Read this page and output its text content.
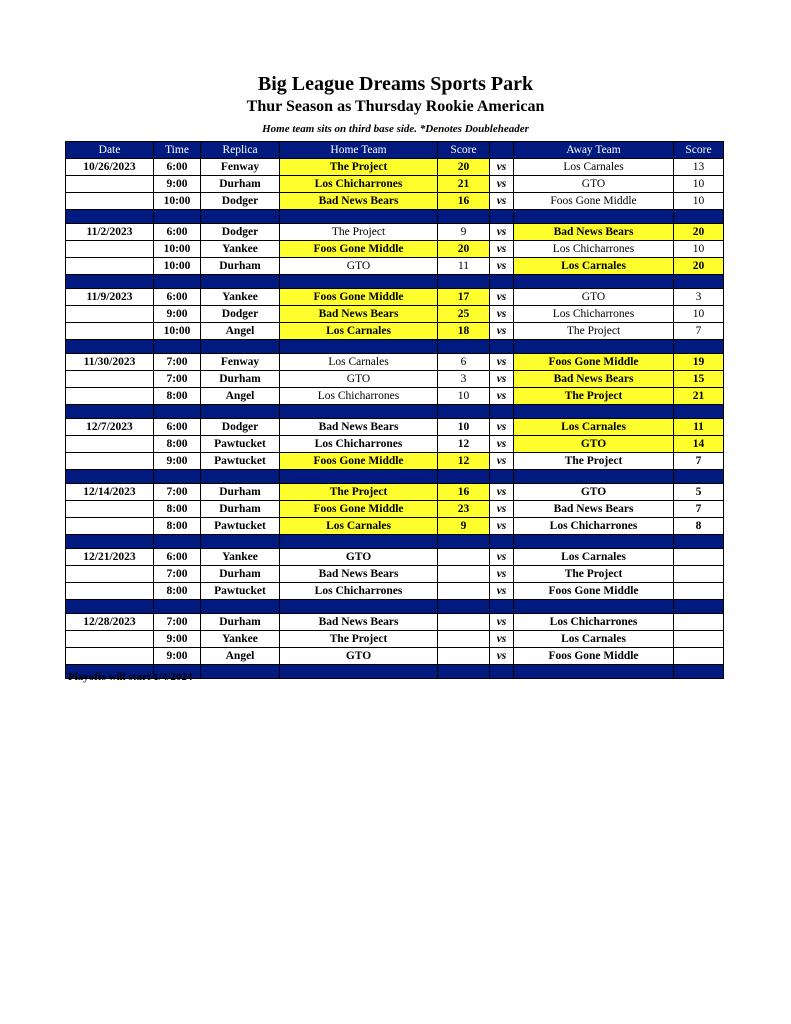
Big League Dreams Sports Park
Thur Season as Thursday Rookie American
Home team sits on third base side. *Denotes Doubleheader
Date	Time	Replica	Home Team	Score		Away Team	Score
10/26/2023	6:00	Fenway	The Project	20	vs	Los Carnales	13
	9:00	Durham	Los Chicharrones	21	vs	GTO	10
	10:00	Dodger	Bad News Bears	16	vs	Foos Gone Middle	10

11/2/2023	6:00	Dodger	The Project	9	vs	Bad News Bears	20
	10:00	Yankee	Foos Gone Middle	20	vs	Los Chicharrones	10
	10:00	Durham	GTO	11	vs	Los Carnales	20

11/9/2023	6:00	Yankee	Foos Gone Middle	17	vs	GTO	3
	9:00	Dodger	Bad News Bears	25	vs	Los Chicharrones	10
	10:00	Angel	Los Carnales	18	vs	The Project	7

11/30/2023	7:00	Fenway	Los Carnales	6	vs	Foos Gone Middle	19
	7:00	Durham	GTO	3	vs	Bad News Bears	15
	8:00	Angel	Los Chicharrones	10	vs	The Project	21

12/7/2023	6:00	Dodger	Bad News Bears	10	vs	Los Carnales	11
	8:00	Pawtucket	Los Chicharrones	12	vs	GTO	14
	9:00	Pawtucket	Foos Gone Middle	12	vs	The Project	7

12/14/2023	7:00	Durham	The Project	16	vs	GTO	5
	8:00	Durham	Foos Gone Middle	23	vs	Bad News Bears	7
	8:00	Pawtucket	Los Carnales	9	vs	Los Chicharrones	8

12/21/2023	6:00	Yankee	GTO		vs	Los Carnales	
	7:00	Durham	Bad News Bears		vs	The Project	
	8:00	Pawtucket	Los Chicharrones		vs	Foos Gone Middle	

12/28/2023	7:00	Durham	Bad News Bears		vs	Los Chicharrones	
	9:00	Yankee	The Project		vs	Los Carnales	
	9:00	Angel	GTO		vs	Foos Gone Middle	

Playoffs will start 1/4/2024
